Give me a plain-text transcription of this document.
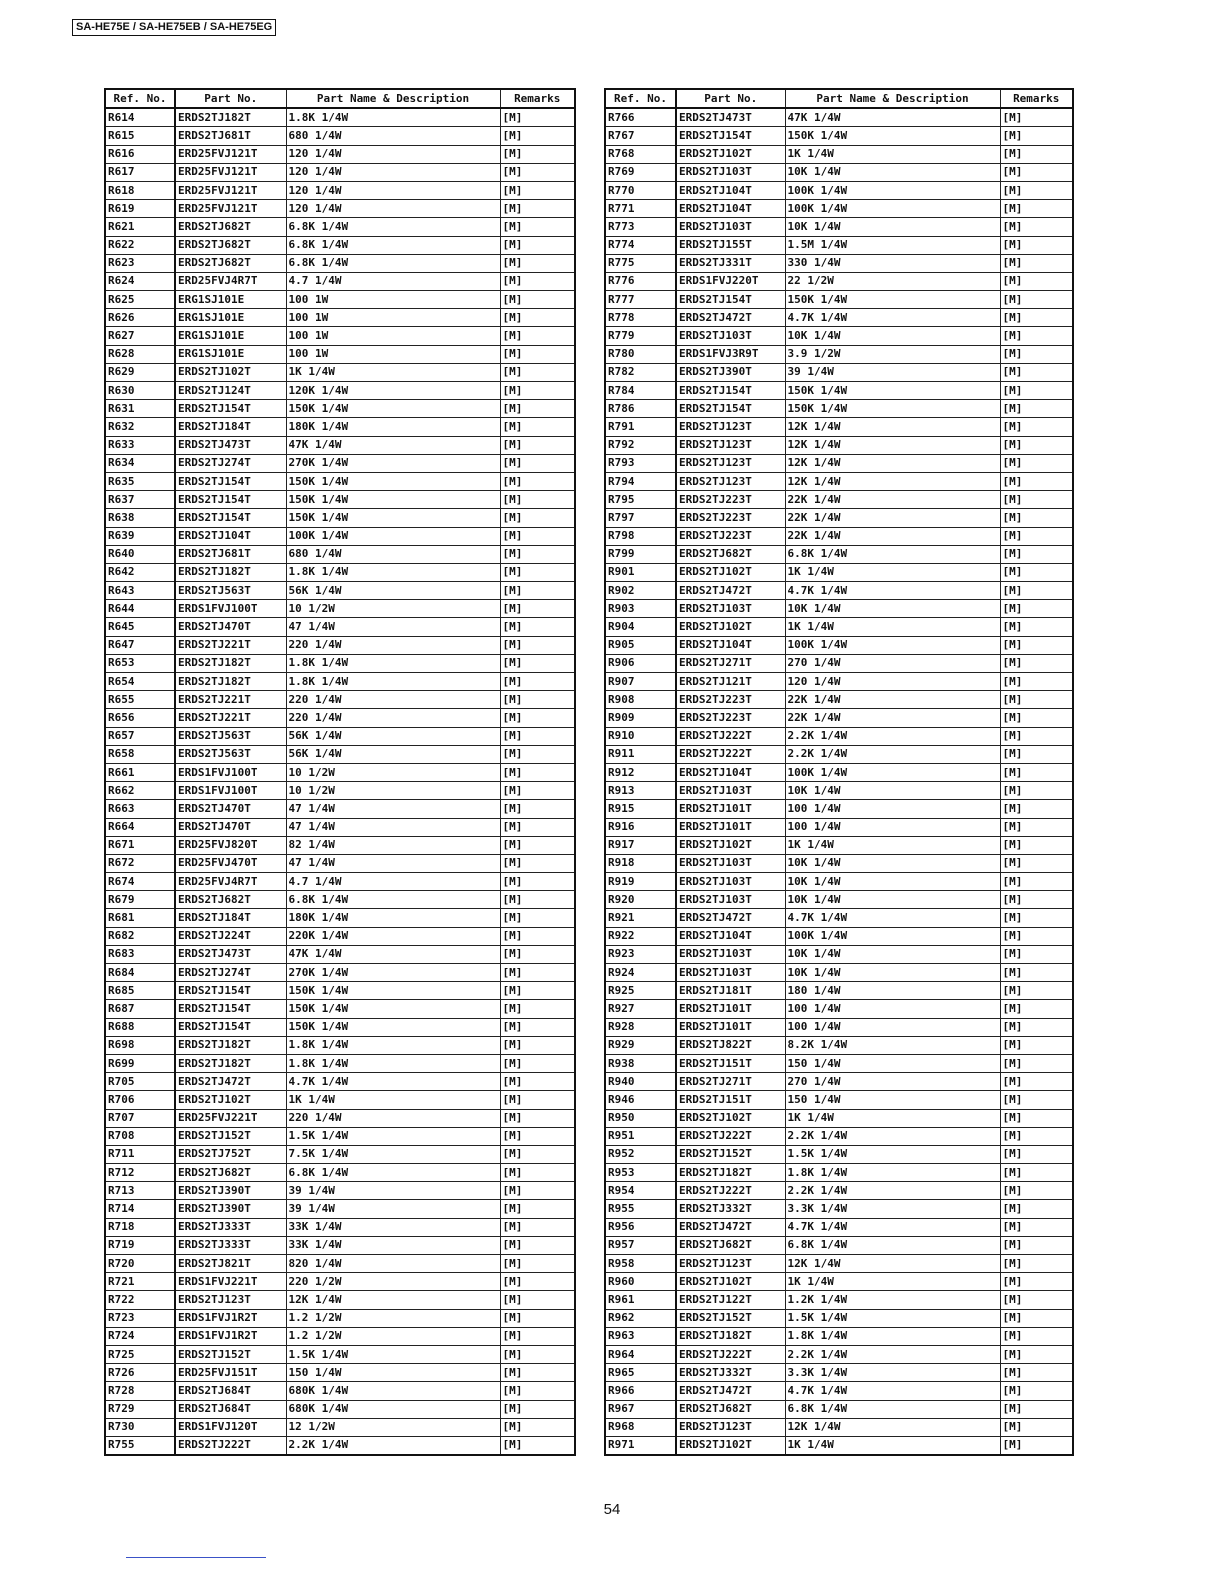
SA-HE75E / SA-HE75EB / SA-HE75EG
Ref. No.	Part No.	Part Name & Description	Remarks
R614	ERDS2TJ182T	1.8K 1/4W	[M]
R615	ERDS2TJ681T	680 1/4W	[M]
R616	ERD25FVJ121T	120 1/4W	[M]
R617	ERD25FVJ121T	120 1/4W	[M]
R618	ERD25FVJ121T	120 1/4W	[M]
R619	ERD25FVJ121T	120 1/4W	[M]
R621	ERDS2TJ682T	6.8K 1/4W	[M]
R622	ERDS2TJ682T	6.8K 1/4W	[M]
R623	ERDS2TJ682T	6.8K 1/4W	[M]
R624	ERD25FVJ4R7T	4.7 1/4W	[M]
R625	ERG1SJ101E	100 1W	[M]
R626	ERG1SJ101E	100 1W	[M]
R627	ERG1SJ101E	100 1W	[M]
R628	ERG1SJ101E	100 1W	[M]
R629	ERDS2TJ102T	1K 1/4W	[M]
R630	ERDS2TJ124T	120K 1/4W	[M]
R631	ERDS2TJ154T	150K 1/4W	[M]
R632	ERDS2TJ184T	180K 1/4W	[M]
R633	ERDS2TJ473T	47K 1/4W	[M]
R634	ERDS2TJ274T	270K 1/4W	[M]
R635	ERDS2TJ154T	150K 1/4W	[M]
R637	ERDS2TJ154T	150K 1/4W	[M]
R638	ERDS2TJ154T	150K 1/4W	[M]
R639	ERDS2TJ104T	100K 1/4W	[M]
R640	ERDS2TJ681T	680 1/4W	[M]
R642	ERDS2TJ182T	1.8K 1/4W	[M]
R643	ERDS2TJ563T	56K 1/4W	[M]
R644	ERDS1FVJ100T	10 1/2W	[M]
R645	ERDS2TJ470T	47 1/4W	[M]
R647	ERDS2TJ221T	220 1/4W	[M]
R653	ERDS2TJ182T	1.8K 1/4W	[M]
R654	ERDS2TJ182T	1.8K 1/4W	[M]
R655	ERDS2TJ221T	220 1/4W	[M]
R656	ERDS2TJ221T	220 1/4W	[M]
R657	ERDS2TJ563T	56K 1/4W	[M]
R658	ERDS2TJ563T	56K 1/4W	[M]
R661	ERDS1FVJ100T	10 1/2W	[M]
R662	ERDS1FVJ100T	10 1/2W	[M]
R663	ERDS2TJ470T	47 1/4W	[M]
R664	ERDS2TJ470T	47 1/4W	[M]
R671	ERD25FVJ820T	82 1/4W	[M]
R672	ERD25FVJ470T	47 1/4W	[M]
R674	ERD25FVJ4R7T	4.7 1/4W	[M]
R679	ERDS2TJ682T	6.8K 1/4W	[M]
R681	ERDS2TJ184T	180K 1/4W	[M]
R682	ERDS2TJ224T	220K 1/4W	[M]
R683	ERDS2TJ473T	47K 1/4W	[M]
R684	ERDS2TJ274T	270K 1/4W	[M]
R685	ERDS2TJ154T	150K 1/4W	[M]
R687	ERDS2TJ154T	150K 1/4W	[M]
R688	ERDS2TJ154T	150K 1/4W	[M]
R698	ERDS2TJ182T	1.8K 1/4W	[M]
R699	ERDS2TJ182T	1.8K 1/4W	[M]
R705	ERDS2TJ472T	4.7K 1/4W	[M]
R706	ERDS2TJ102T	1K 1/4W	[M]
R707	ERD25FVJ221T	220 1/4W	[M]
R708	ERDS2TJ152T	1.5K 1/4W	[M]
R711	ERDS2TJ752T	7.5K 1/4W	[M]
R712	ERDS2TJ682T	6.8K 1/4W	[M]
R713	ERDS2TJ390T	39 1/4W	[M]
R714	ERDS2TJ390T	39 1/4W	[M]
R718	ERDS2TJ333T	33K 1/4W	[M]
R719	ERDS2TJ333T	33K 1/4W	[M]
R720	ERDS2TJ821T	820 1/4W	[M]
R721	ERDS1FVJ221T	220 1/2W	[M]
R722	ERDS2TJ123T	12K 1/4W	[M]
R723	ERDS1FVJ1R2T	1.2 1/2W	[M]
R724	ERDS1FVJ1R2T	1.2 1/2W	[M]
R725	ERDS2TJ152T	1.5K 1/4W	[M]
R726	ERD25FVJ151T	150 1/4W	[M]
R728	ERDS2TJ684T	680K 1/4W	[M]
R729	ERDS2TJ684T	680K 1/4W	[M]
R730	ERDS1FVJ120T	12 1/2W	[M]
R755	ERDS2TJ222T	2.2K 1/4W	[M]
Ref. No.	Part No.	Part Name & Description	Remarks
R766	ERDS2TJ473T	47K 1/4W	[M]
R767	ERDS2TJ154T	150K 1/4W	[M]
R768	ERDS2TJ102T	1K 1/4W	[M]
R769	ERDS2TJ103T	10K 1/4W	[M]
R770	ERDS2TJ104T	100K 1/4W	[M]
R771	ERDS2TJ104T	100K 1/4W	[M]
R773	ERDS2TJ103T	10K 1/4W	[M]
R774	ERDS2TJ155T	1.5M 1/4W	[M]
R775	ERDS2TJ331T	330 1/4W	[M]
R776	ERDS1FVJ220T	22 1/2W	[M]
R777	ERDS2TJ154T	150K 1/4W	[M]
R778	ERDS2TJ472T	4.7K 1/4W	[M]
R779	ERDS2TJ103T	10K 1/4W	[M]
R780	ERDS1FVJ3R9T	3.9 1/2W	[M]
R782	ERDS2TJ390T	39 1/4W	[M]
R784	ERDS2TJ154T	150K 1/4W	[M]
R786	ERDS2TJ154T	150K 1/4W	[M]
R791	ERDS2TJ123T	12K 1/4W	[M]
R792	ERDS2TJ123T	12K 1/4W	[M]
R793	ERDS2TJ123T	12K 1/4W	[M]
R794	ERDS2TJ123T	12K 1/4W	[M]
R795	ERDS2TJ223T	22K 1/4W	[M]
R797	ERDS2TJ223T	22K 1/4W	[M]
R798	ERDS2TJ223T	22K 1/4W	[M]
R799	ERDS2TJ682T	6.8K 1/4W	[M]
R901	ERDS2TJ102T	1K 1/4W	[M]
R902	ERDS2TJ472T	4.7K 1/4W	[M]
R903	ERDS2TJ103T	10K 1/4W	[M]
R904	ERDS2TJ102T	1K 1/4W	[M]
R905	ERDS2TJ104T	100K 1/4W	[M]
R906	ERDS2TJ271T	270 1/4W	[M]
R907	ERDS2TJ121T	120 1/4W	[M]
R908	ERDS2TJ223T	22K 1/4W	[M]
R909	ERDS2TJ223T	22K 1/4W	[M]
R910	ERDS2TJ222T	2.2K 1/4W	[M]
R911	ERDS2TJ222T	2.2K 1/4W	[M]
R912	ERDS2TJ104T	100K 1/4W	[M]
R913	ERDS2TJ103T	10K 1/4W	[M]
R915	ERDS2TJ101T	100 1/4W	[M]
R916	ERDS2TJ101T	100 1/4W	[M]
R917	ERDS2TJ102T	1K 1/4W	[M]
R918	ERDS2TJ103T	10K 1/4W	[M]
R919	ERDS2TJ103T	10K 1/4W	[M]
R920	ERDS2TJ103T	10K 1/4W	[M]
R921	ERDS2TJ472T	4.7K 1/4W	[M]
R922	ERDS2TJ104T	100K 1/4W	[M]
R923	ERDS2TJ103T	10K 1/4W	[M]
R924	ERDS2TJ103T	10K 1/4W	[M]
R925	ERDS2TJ181T	180 1/4W	[M]
R927	ERDS2TJ101T	100 1/4W	[M]
R928	ERDS2TJ101T	100 1/4W	[M]
R929	ERDS2TJ822T	8.2K 1/4W	[M]
R938	ERDS2TJ151T	150 1/4W	[M]
R940	ERDS2TJ271T	270 1/4W	[M]
R946	ERDS2TJ151T	150 1/4W	[M]
R950	ERDS2TJ102T	1K 1/4W	[M]
R951	ERDS2TJ222T	2.2K 1/4W	[M]
R952	ERDS2TJ152T	1.5K 1/4W	[M]
R953	ERDS2TJ182T	1.8K 1/4W	[M]
R954	ERDS2TJ222T	2.2K 1/4W	[M]
R955	ERDS2TJ332T	3.3K 1/4W	[M]
R956	ERDS2TJ472T	4.7K 1/4W	[M]
R957	ERDS2TJ682T	6.8K 1/4W	[M]
R958	ERDS2TJ123T	12K 1/4W	[M]
R960	ERDS2TJ102T	1K 1/4W	[M]
R961	ERDS2TJ122T	1.2K 1/4W	[M]
R962	ERDS2TJ152T	1.5K 1/4W	[M]
R963	ERDS2TJ182T	1.8K 1/4W	[M]
R964	ERDS2TJ222T	2.2K 1/4W	[M]
R965	ERDS2TJ332T	3.3K 1/4W	[M]
R966	ERDS2TJ472T	4.7K 1/4W	[M]
R967	ERDS2TJ682T	6.8K 1/4W	[M]
R968	ERDS2TJ123T	12K 1/4W	[M]
R971	ERDS2TJ102T	1K 1/4W	[M]
54
